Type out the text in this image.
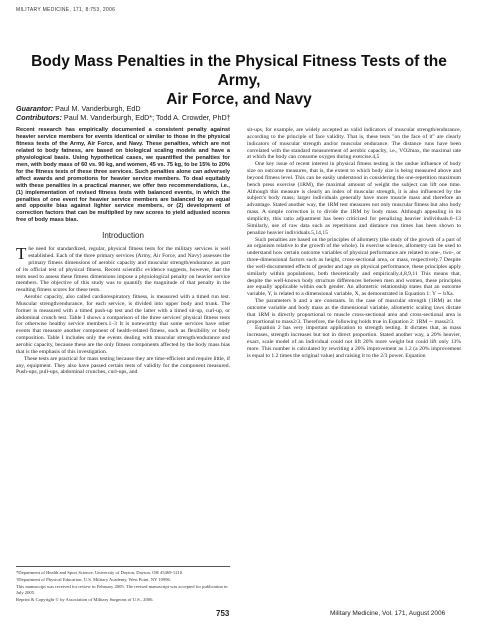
MILITARY MEDICINE, 171, 8:753, 2006
Body Mass Penalties in the Physical Fitness Tests of the Army,
Air Force, and Navy
Guarantor: Paul M. Vanderburgh, EdD
Contributors: Paul M. Vanderburgh, EdD*; Todd A. Crowder, PhD†
Recent research has empirically documented a consistent penalty against heavier service members for events identical or similar to those in the physical fitness tests of the Army, Air Force, and Navy. These penalties, which are not related to body fatness, are based on biological scaling models and have a physiological basis. Using hypothetical cases, we quantified the penalties for men, with body mass of 60 vs. 90 kg, and women, 45 vs. 75 kg, to be 15% to 20% for the fitness tests of these three services. Such penalties alone can adversely affect awards and promotions for heavier service members. To deal equitably with these penalties in a practical manner, we offer two recommendations, i.e., (1) implementation of revised fitness tests with balanced events, in which the penalties of one event for heavier service members are balanced by an equal and opposite bias against lighter service members, or (2) development of correction factors that can be multiplied by raw scores to yield adjusted scores free of body mass bias.
Introduction

The need for standardized, regular, physical fitness tests for the military services is well established. Each of the three primary services (Army, Air Force, and Navy) assesses the primary fitness dimensions of aerobic capacity and muscular strength/endurance as part of its official test of physical fitness. Recent scientific evidence suggests, however, that the tests used to assess these fitness dimensions impose a physiological penalty on heavier service members. The objective of this study was to quantify the magnitude of that penalty in the resulting fitness scores for these tests.

Aerobic capacity, also called cardiorespiratory fitness, is measured with a timed run test. Muscular strength/endurance, for each service, is divided into upper body and trunk. The former is measured with a timed push-up test and the latter with a timed sit-up, curl-up, or abdominal crunch test. Table I shows a comparison of the three services' physical fitness tests for otherwise healthy service members.1–3 It is noteworthy that some services have other events that measure another component of health-related fitness, such as flexibility or body composition. Table I includes only the events dealing with muscular strength/endurance and aerobic capacity, because these are the only fitness components affected by the body mass bias that is the emphasis of this investigation.

These tests are practical for mass testing because they are time-efficient and require little, if any, equipment. They also have passed certain tests of validity for the component measured. Push-ups, pull-ups, abdominal crunches, curl-ups, and

*Department of Health and Sport Science, University of Dayton, Dayton, OH 45469-1210.
†Department of Physical Education, U.S. Military Academy, West Point, NY 10996.
This manuscript was received for review in February 2005. The revised manuscript was accepted for publication in July 2005.
Reprint & Copyright © by Association of Military Surgeons of U.S., 2006.

sit-ups, for example, are widely accepted as valid indicators of muscular strength/endurance, according to the principle of face validity. That is, these tests "on the face of it" are clearly indicators of muscular strength and/or muscular endurance. The distance runs have been correlated with the standard measurement of aerobic capacity, i.e., VO2max, the maximal rate at which the body can consume oxygen during exercise.4,5

One key issue of recent interest in physical fitness testing is the undue influence of body size on outcome measures, that is, the extent to which body size is being measured above and beyond fitness level. This can be easily understood in considering the one-repetition maximum bench press exercise (1RM), the maximal amount of weight the subject can lift one time. Although this measure is clearly an index of muscular strength, it is also influenced by the subject's body mass; larger individuals generally have more muscle mass and therefore an advantage. Stated another way, the 1RM test measures not only muscular fitness but also body mass. A simple correction is to divide the 1RM by body mass. Although appealing in its simplicity, this ratio adjustment has been criticized for penalizing heavier individuals.6–13 Similarly, use of raw data such as repetitions and distance run times has been shown to penalize heavier individuals.5,14,15

Such penalties are based on the principles of allometry (the study of the growth of a part of an organism relative to the growth of the whole). In exercise science, allometry can be used to understand how certain outcome variables of physical performance are related to one-, two-, or three-dimensional factors such as height, cross-sectional area, or mass, respectively.7 Despite the well-documented effects of gender and age on physical performance, these principles apply similarly within populations, both theoretically and empirically.4,8,9,11 This means that, despite the well-known body structure differences between men and women, these principles are equally applicable within each gender. An allometric relationship states that an outcome variable, Y, is related to a dimensional variable, X, as demonstrated in Equation 1: Y ∼ bXa.

The parameters b and a are constants. In the case of muscular strength (1RM) as the outcome variable and body mass as the dimensional variable, allometric scaling laws dictate that 1RM is directly proportional to muscle cross-sectional area and cross-sectional area is proportional to mass2/3. Therefore, the following holds true in Equation 2: 1RM ∼ mass2/3.

Equation 2 has very important application to strength testing. It dictates that, as mass increases, strength increases but not in direct proportion. Stated another way, a 20% heavier, exact, scale model of an individual could not lift 20% more weight but could lift only 13% more. This number is calculated by rewriting a 20% improvement as 1.2 (a 20% improvement is equal to 1.2 times the original value) and raising it to the 2/3 power. Equation

753	Military Medicine, Vol. 171, August 2006
